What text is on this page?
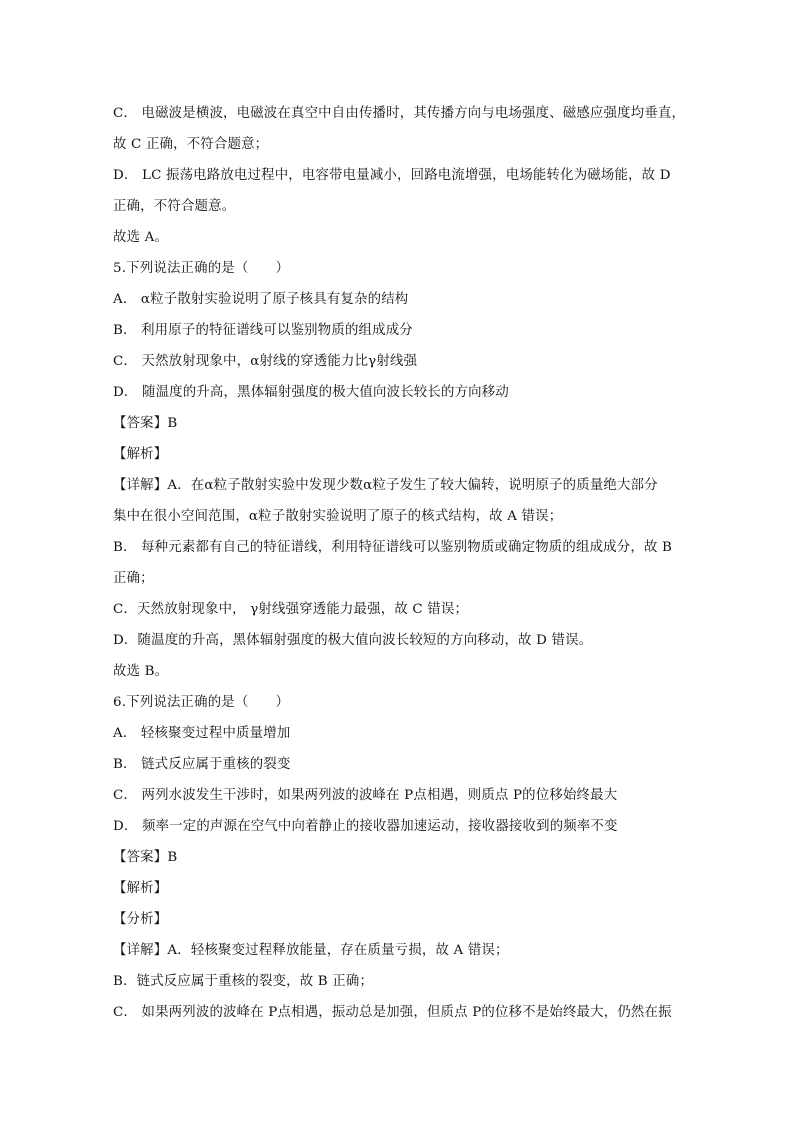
C． 电磁波是横波，电磁波在真空中自由传播时，其传播方向与电场强度、磁感应强度均垂直，
故 C 正确，不符合题意；
D． LC 振荡电路放电过程中，电容带电量减小，回路电流增强，电场能转化为磁场能，故 D
正确，不符合题意。
故选 A。
5.下列说法正确的是（　　）
A． α粒子散射实验说明了原子核具有复杂的结构
B． 利用原子的特征谱线可以鉴别物质的组成成分
C． 天然放射现象中，α射线的穿透能力比γ射线强
D． 随温度的升高，黑体辐射强度的极大值向波长较长的方向移动
【答案】B
【解析】
【详解】A．在α粒子散射实验中发现少数α粒子发生了较大偏转，说明原子的质量绝大部分
集中在很小空间范围，α粒子散射实验说明了原子的核式结构，故 A 错误；
B． 每种元素都有自己的特征谱线，利用特征谱线可以鉴别物质或确定物质的组成成分，故 B
正确；
C．天然放射现象中， γ射线强穿透能力最强，故 C 错误；
D．随温度的升高，黑体辐射强度的极大值向波长较短的方向移动，故 D 错误。
故选 B。
6.下列说法正确的是（　　）
A． 轻核聚变过程中质量增加
B． 链式反应属于重核的裂变
C． 两列水波发生干涉时，如果两列波的波峰在 P点相遇，则质点 P的位移始终最大
D． 频率一定的声源在空气中向着静止的接收器加速运动，接收器接收到的频率不变
【答案】B
【解析】
【分析】
【详解】A．轻核聚变过程释放能量，存在质量亏损，故 A 错误；
B．链式反应属于重核的裂变，故 B 正确；
C． 如果两列波的波峰在 P点相遇，振动总是加强，但质点 P的位移不是始终最大，仍然在振
